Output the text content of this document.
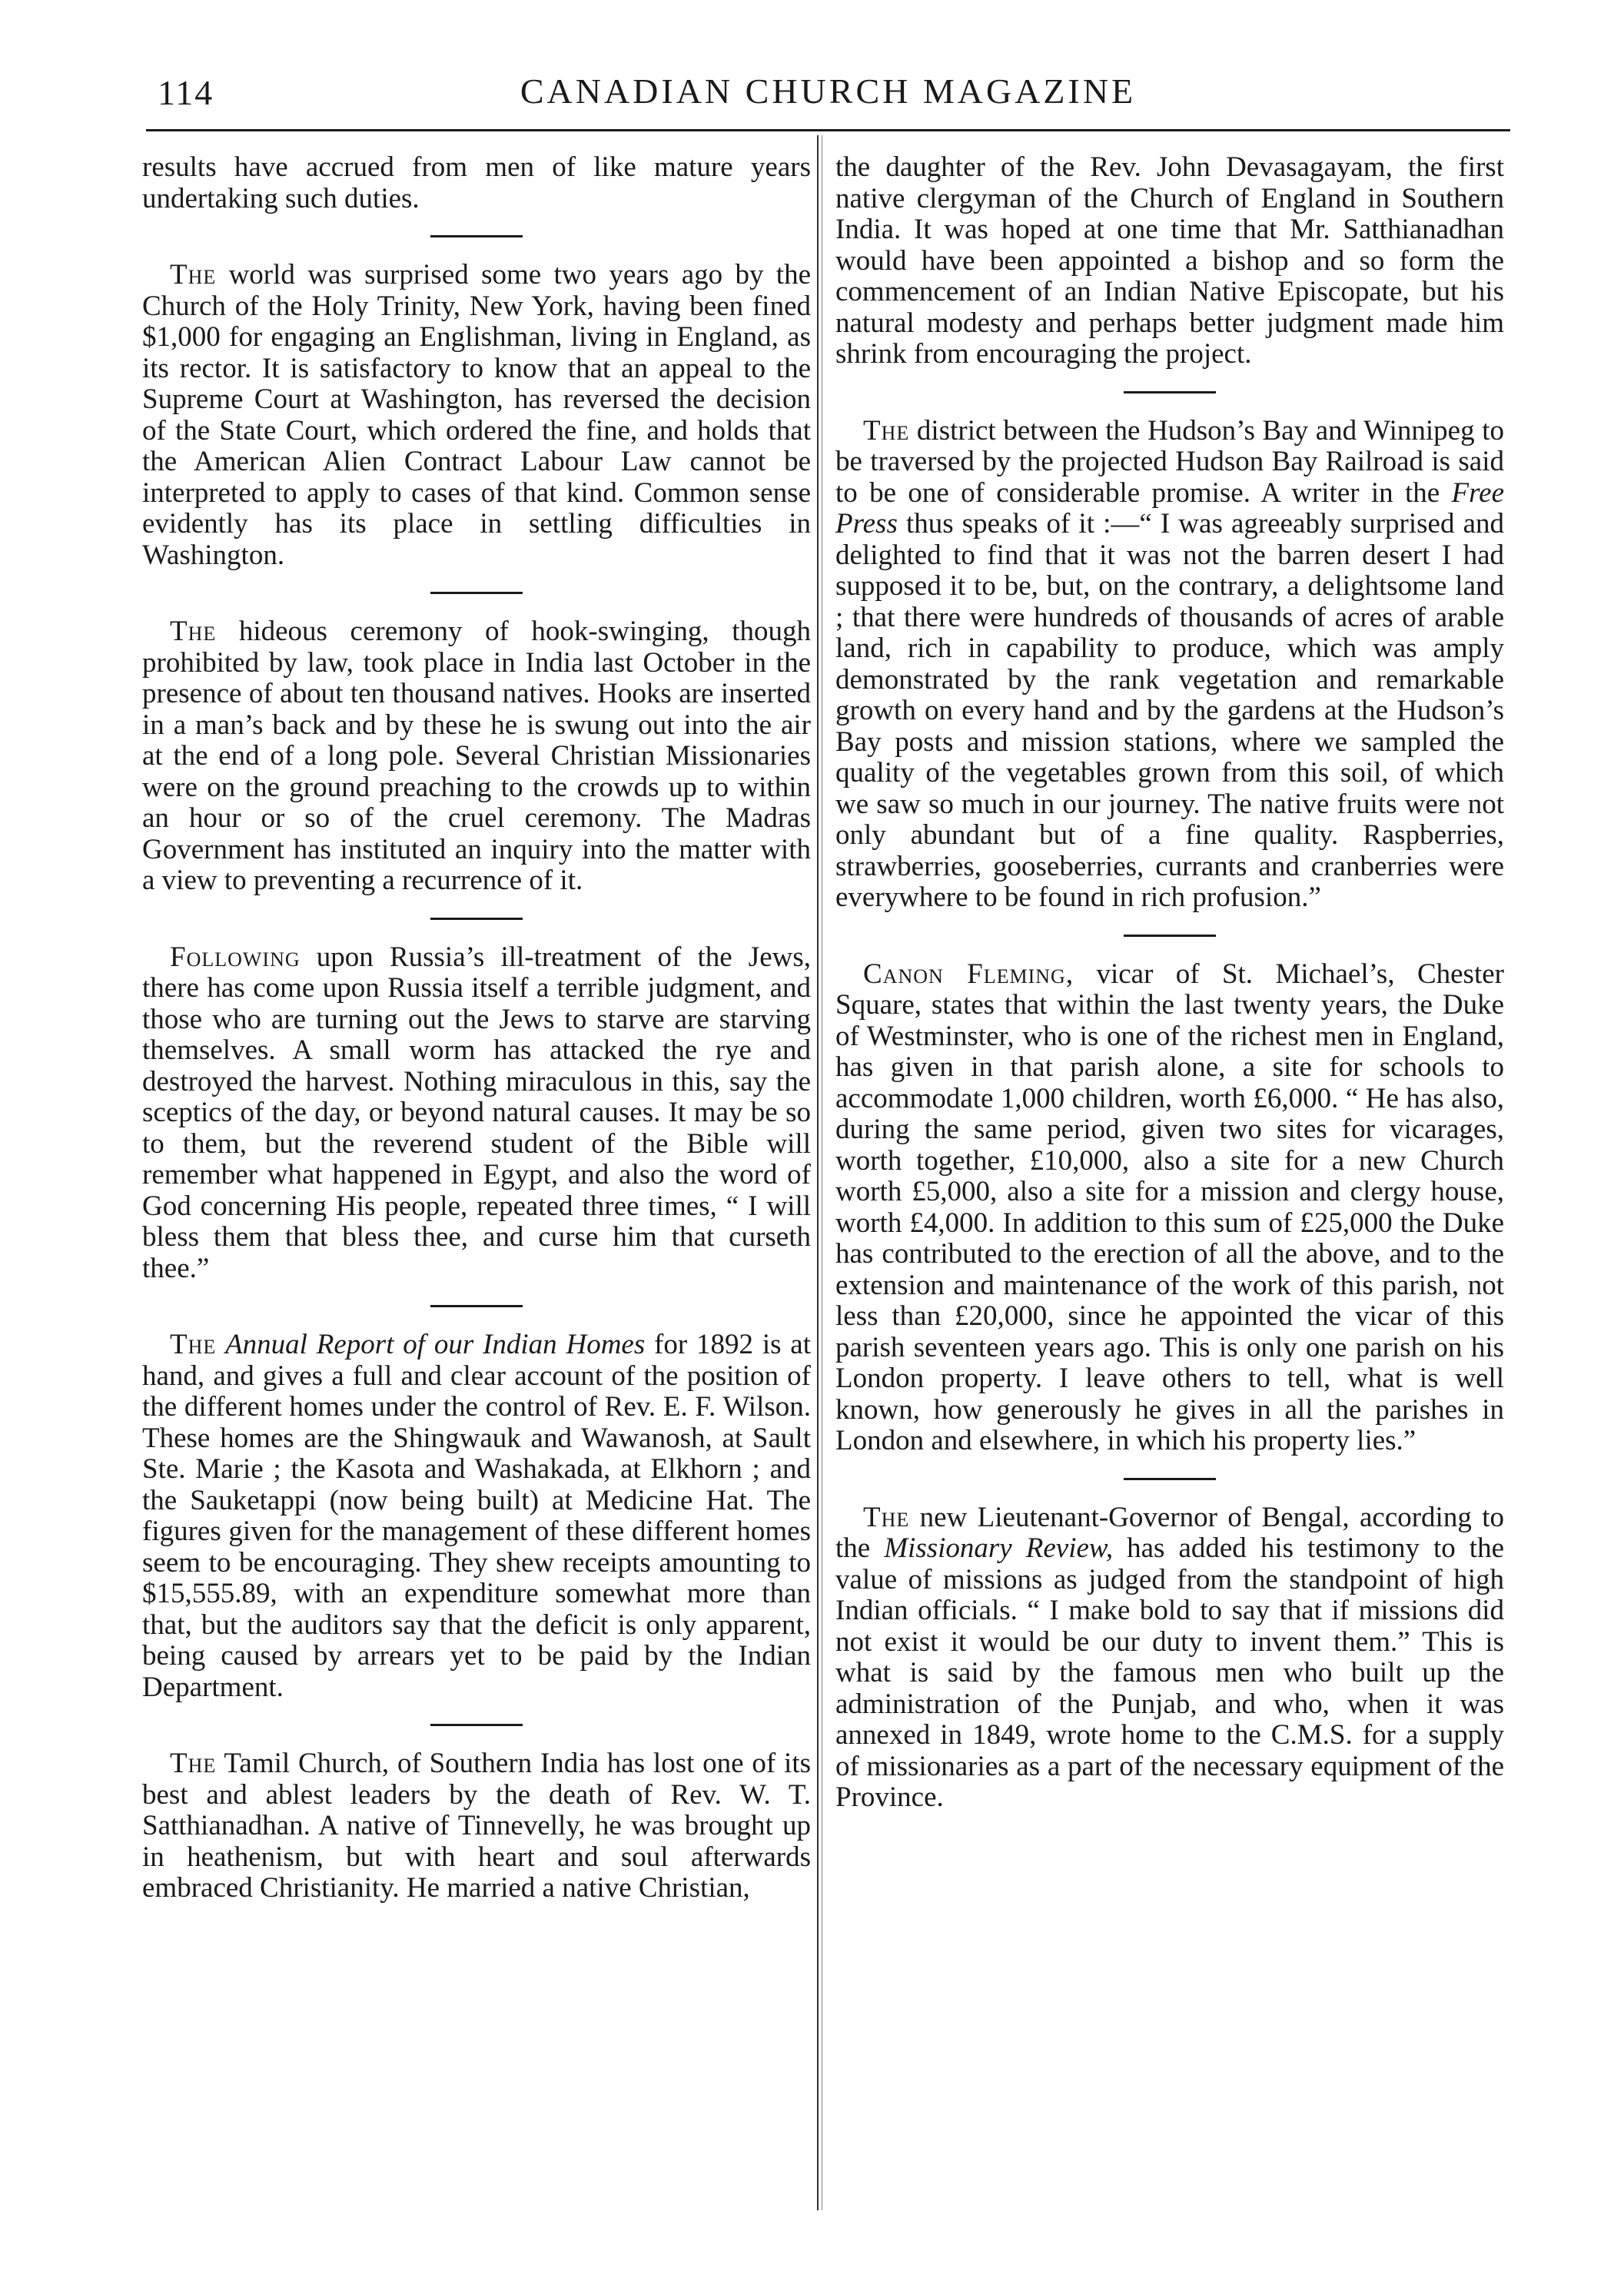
114	CANADIAN CHURCH MAGAZINE

results have accrued from men of like mature years undertaking such duties.

The world was surprised some two years ago by the Church of the Holy Trinity, New York, having been fined $1,000 for engaging an Englishman, living in England, as its rector. It is satisfactory to know that an appeal to the Supreme Court at Washington, has reversed the decision of the State Court, which ordered the fine, and holds that the American Alien Contract Labour Law cannot be interpreted to apply to cases of that kind. Common sense evidently has its place in settling difficulties in Washington.

The hideous ceremony of hook-swinging, though prohibited by law, took place in India last October in the presence of about ten thousand natives. Hooks are inserted in a man’s back and by these he is swung out into the air at the end of a long pole. Several Christian Missionaries were on the ground preaching to the crowds up to within an hour or so of the cruel ceremony. The Madras Government has instituted an inquiry into the matter with a view to preventing a recurrence of it.

Following upon Russia’s ill-treatment of the Jews, there has come upon Russia itself a terrible judgment, and those who are turning out the Jews to starve are starving themselves. A small worm has attacked the rye and destroyed the harvest. Nothing miraculous in this, say the sceptics of the day, or beyond natural causes. It may be so to them, but the reverend student of the Bible will remember what happened in Egypt, and also the word of God concerning His people, repeated three times, “ I will bless them that bless thee, and curse him that curseth thee.”

The Annual Report of our Indian Homes for 1892 is at hand, and gives a full and clear account of the position of the different homes under the control of Rev. E. F. Wilson. These homes are the Shingwauk and Wawanosh, at Sault Ste. Marie ; the Kasota and Washakada, at Elkhorn ; and the Sauketappi (now being built) at Medicine Hat. The figures given for the management of these different homes seem to be encouraging. They shew receipts amounting to $15,555.89, with an expenditure somewhat more than that, but the auditors say that the deficit is only apparent, being caused by arrears yet to be paid by the Indian Department.

The Tamil Church, of Southern India has lost one of its best and ablest leaders by the death of Rev. W. T. Satthianadhan. A native of Tinnevelly, he was brought up in heathenism, but with heart and soul afterwards embraced Christianity. He married a native Christian,

the daughter of the Rev. John Devasagayam, the first native clergyman of the Church of England in Southern India. It was hoped at one time that Mr. Satthianadhan would have been appointed a bishop and so form the commencement of an Indian Native Episcopate, but his natural modesty and perhaps better judgment made him shrink from encouraging the project.

The district between the Hudson’s Bay and Winnipeg to be traversed by the projected Hudson Bay Railroad is said to be one of considerable promise. A writer in the Free Press thus speaks of it :—“ I was agreeably surprised and delighted to find that it was not the barren desert I had supposed it to be, but, on the contrary, a delightsome land ; that there were hundreds of thousands of acres of arable land, rich in capability to produce, which was amply demonstrated by the rank vegetation and remarkable growth on every hand and by the gardens at the Hudson’s Bay posts and mission stations, where we sampled the quality of the vegetables grown from this soil, of which we saw so much in our journey. The native fruits were not only abundant but of a fine quality. Raspberries, strawberries, gooseberries, currants and cranberries were everywhere to be found in rich profusion.”

Canon Fleming, vicar of St. Michael’s, Chester Square, states that within the last twenty years, the Duke of Westminster, who is one of the richest men in England, has given in that parish alone, a site for schools to accommodate 1,000 children, worth £6,000. “ He has also, during the same period, given two sites for vicarages, worth together, £10,000, also a site for a new Church worth £5,000, also a site for a mission and clergy house, worth £4,000. In addition to this sum of £25,000 the Duke has contributed to the erection of all the above, and to the extension and maintenance of the work of this parish, not less than £20,000, since he appointed the vicar of this parish seventeen years ago. This is only one parish on his London property. I leave others to tell, what is well known, how generously he gives in all the parishes in London and elsewhere, in which his property lies.”

The new Lieutenant-Governor of Bengal, according to the Missionary Review, has added his testimony to the value of missions as judged from the standpoint of high Indian officials. “ I make bold to say that if missions did not exist it would be our duty to invent them.” This is what is said by the famous men who built up the administration of the Punjab, and who, when it was annexed in 1849, wrote home to the C.M.S. for a supply of missionaries as a part of the necessary equipment of the Province.
